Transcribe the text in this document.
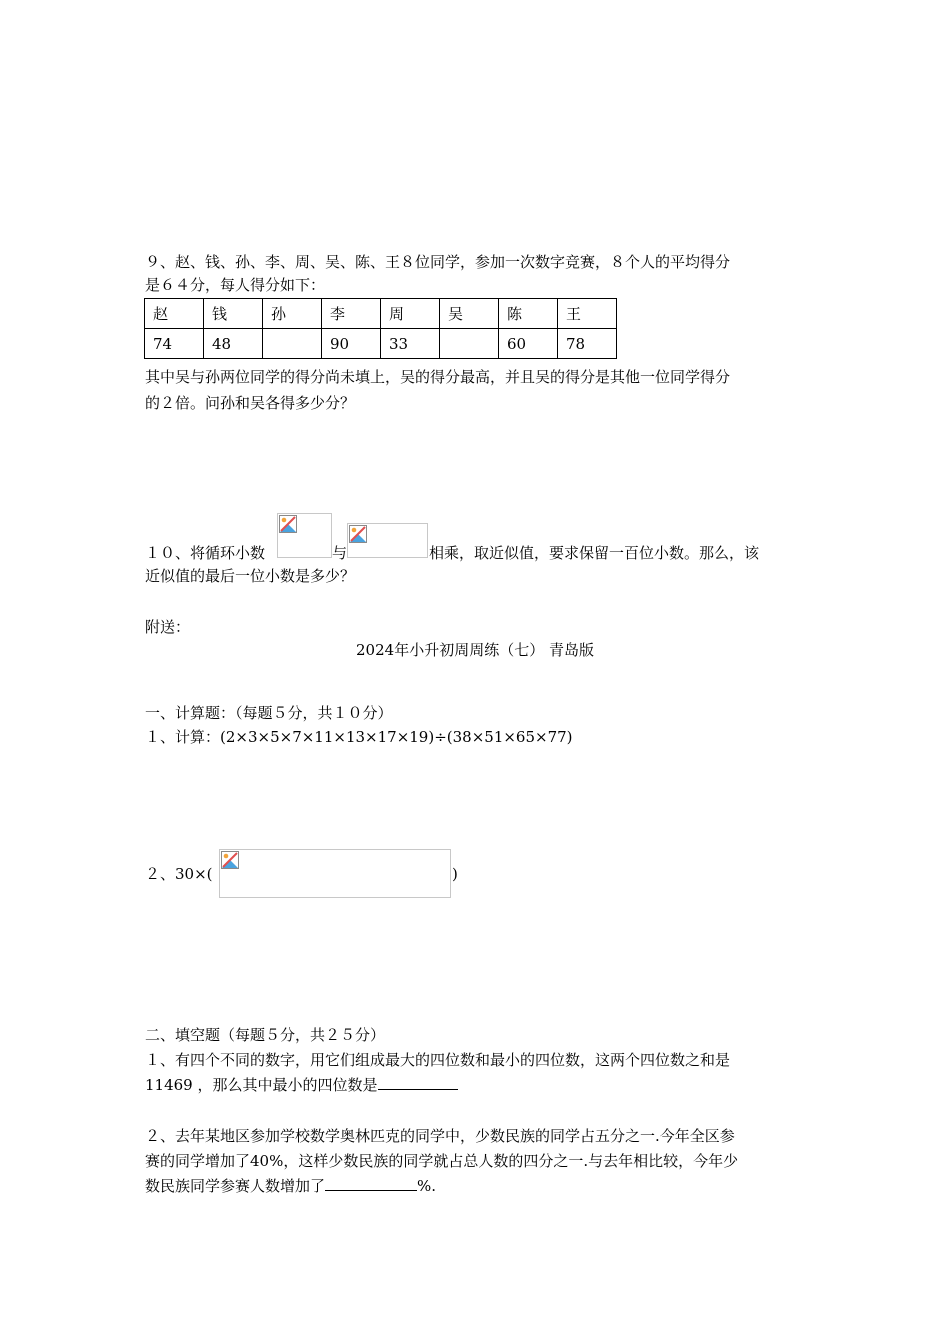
９、赵、钱、孙、李、周、吴、陈、王８位同学，参加一次数字竞赛，８个人的平均得分
是６４分，每人得分如下：
赵	钱	孙	李	周	吴	陈	王
74	48		90	33		60	78
其中吴与孙两位同学的得分尚未填上，吴的得分最高，并且吴的得分是其他一位同学得分
的２倍。问孙和吴各得多少分？
１０、将循环小数	与	相乘，取近似值，要求保留一百位小数。那么，该
近似值的最后一位小数是多少？
附送：
2024年小升初周周练（七） 青岛版
一、计算题：（每题５分，共１０分）
１、计算：(2×3×5×7×11×13×17×19)÷(38×51×65×77)
２、30×(	)
二、填空题（每题５分，共２５分）
１、有四个不同的数字，用它们组成最大的四位数和最小的四位数，这两个四位数之和是
11469 ，那么其中最小的四位数是
２、去年某地区参加学校数学奥林匹克的同学中，少数民族的同学占五分之一.今年全区参
赛的同学增加了40%，这样少数民族的同学就占总人数的四分之一.与去年相比较，今年少
数民族同学参赛人数增加了	%.
